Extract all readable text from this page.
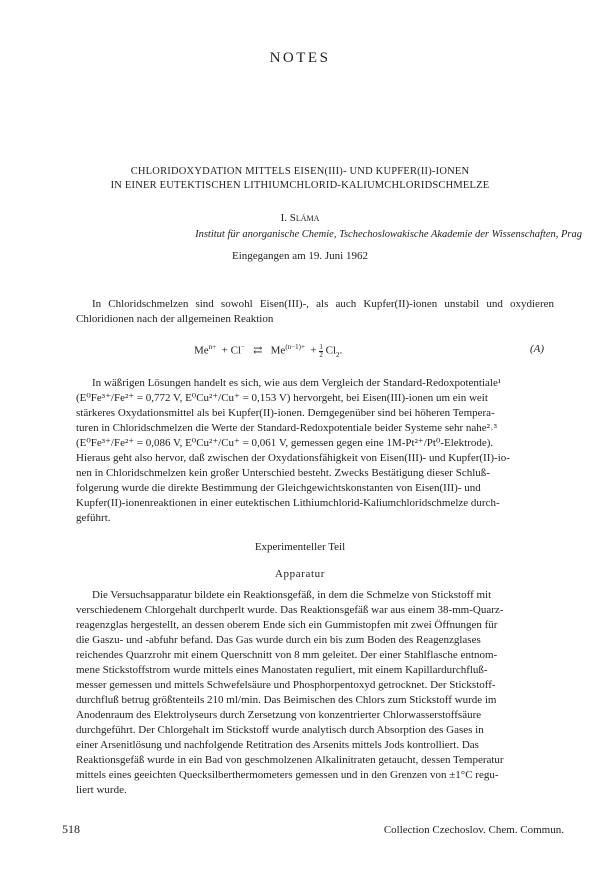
NOTES
CHLORIDOXYDATION MITTELS EISEN(III)- UND KUPFER(II)-IONEN
IN EINER EUTEKTISCHEN LITHIUMCHLORID-KALIUMCHLORIDSCHMELZE
I. Sláma
Institut für anorganische Chemie, Tschechoslowakische Akademie der Wissenschaften, Prag
Eingegangen am 19. Juni 1962

In Chloridschmelzen sind sowohl Eisen(III)-, als auch Kupfer(II)-ionen unstabil und oxydieren Chloridionen nach der allgemeinen Reaktion

$Me^{n+} + Cl^-$ ⇄ $Me^{(n-1)+} + \frac{1}{2} Cl_2$.	(A)

In wäßrigen Lösungen handelt es sich, wie aus dem Vergleich der Standard-Redoxpotentiale¹

(E⁰Fe³⁺/Fe²⁺ = 0,772 V, E⁰Cu²⁺/Cu⁺ = 0,153 V) hervorgeht, bei Eisen(III)-ionen um ein weit

stärkeres Oxydationsmittel als bei Kupfer(II)-ionen. Demgegenüber sind bei höheren Tempera-

turen in Chloridschmelzen die Werte der Standard-Redoxpotentiale beider Systeme sehr nahe²˒³

(E⁰Fe³⁺/Fe²⁺ = 0,086 V, E⁰Cu²⁺/Cu⁺ = 0,061 V, gemessen gegen eine 1M-Pt²⁺/Pt⁰-Elektrode).

Hieraus geht also hervor, daß zwischen der Oxydationsfähigkeit von Eisen(III)- und Kupfer(II)-io-

nen in Chloridschmelzen kein großer Unterschied besteht. Zwecks Bestätigung dieser Schluß-

folgerung wurde die direkte Bestimmung der Gleichgewichtskonstanten von Eisen(III)- und

Kupfer(II)-ionenreaktionen in einer eutektischen Lithiumchlorid-Kaliumchloridschmelze durch-

geführt.

Experimenteller Teil
Apparatur

Die Versuchsapparatur bildete ein Reaktionsgefäß, in dem die Schmelze von Stickstoff mit

verschiedenem Chlorgehalt durchperlt wurde. Das Reaktionsgefäß war aus einem 38-mm-Quarz-

reagenzglas hergestellt, an dessen oberem Ende sich ein Gummistopfen mit zwei Öffnungen für

die Gaszu- und -abfuhr befand. Das Gas wurde durch ein bis zum Boden des Reagenzglases

reichendes Quarzrohr mit einem Querschnitt von 8 mm geleitet. Der einer Stahlflasche entnom-

mene Stickstoffstrom wurde mittels eines Manostaten reguliert, mit einem Kapillardurchfluß-

messer gemessen und mittels Schwefelsäure und Phosphorpentoxyd getrocknet. Der Stickstoff-

durchfluß betrug größtenteils 210 ml/min. Das Beimischen des Chlors zum Stickstoff wurde im

Anodenraum des Elektrolyseurs durch Zersetzung von konzentrierter Chlorwasserstoffsäure

durchgeführt. Der Chlorgehalt im Stickstoff wurde analytisch durch Absorption des Gases in

einer Arsenitlösung und nachfolgende Retitration des Arsenits mittels Jods kontrolliert. Das

Reaktionsgefäß wurde in ein Bad von geschmolzenen Alkalinitraten getaucht, dessen Temperatur

mittels eines geeichten Quecksilberthermometers gemessen und in den Grenzen von ±1°C regu-

liert wurde.

518	Collection Czechoslov. Chem. Commun.
